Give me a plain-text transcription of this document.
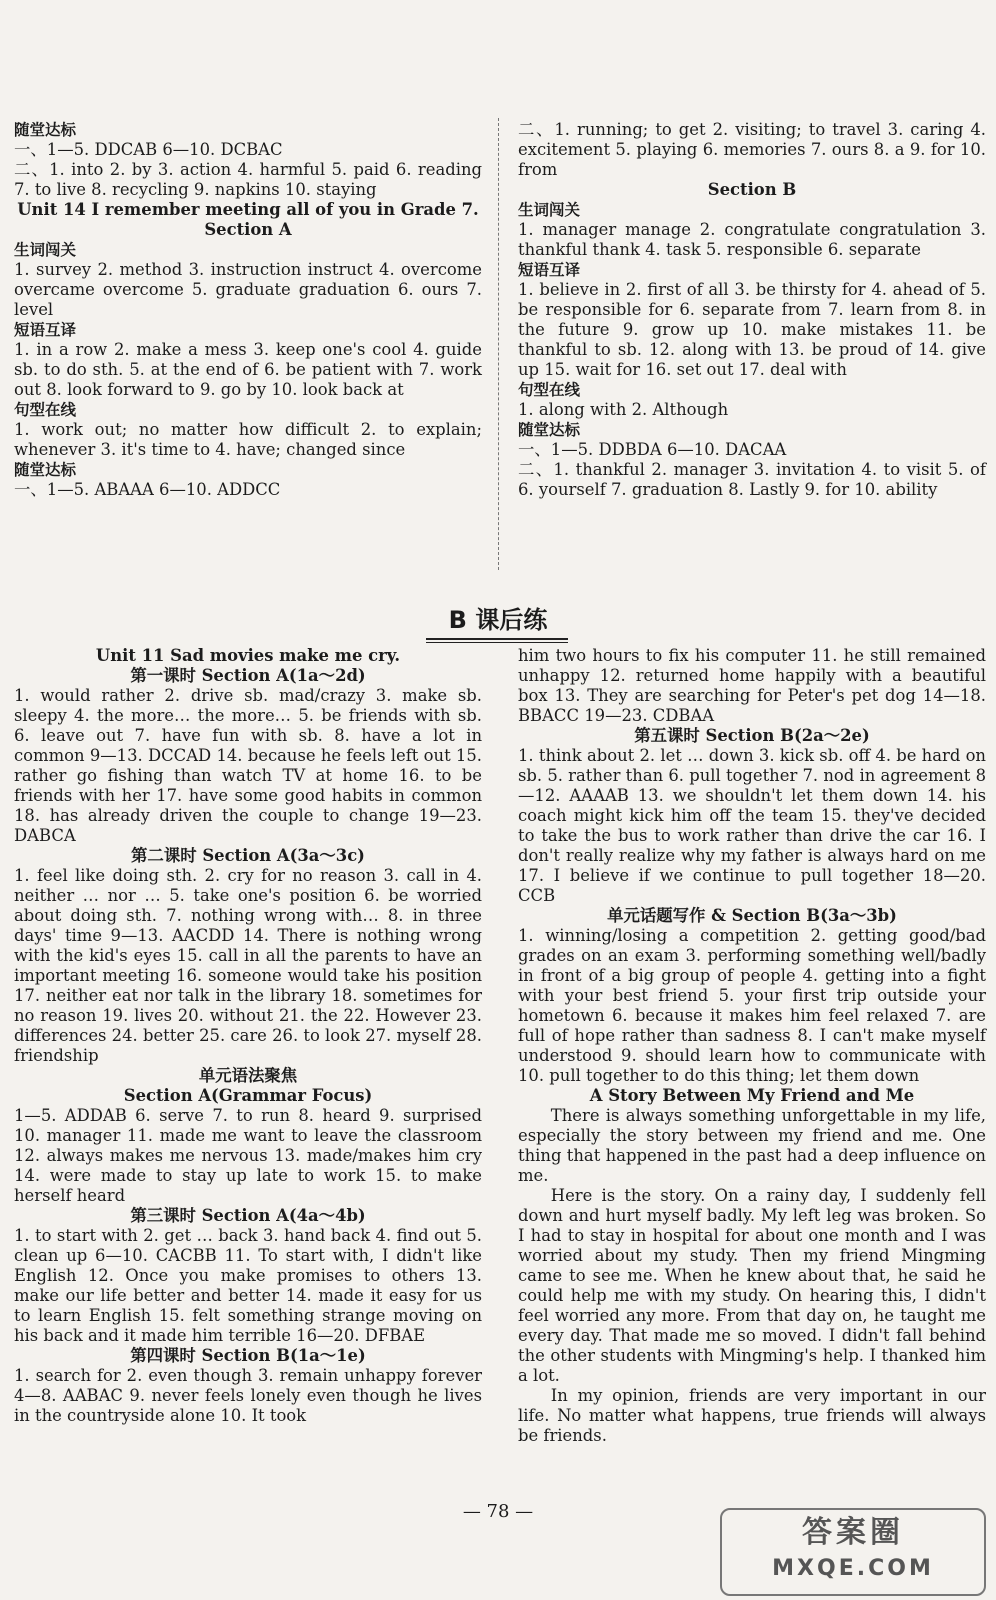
随堂达标

一、1—5. DDCAB 6—10. DCBAC

二、1. into 2. by 3. action 4. harmful 5. paid 6. reading 7. to live 8. recycling 9. napkins 10. staying

Unit 14 I remember meeting all of you in Grade 7.

Section A

生词闯关

1. survey 2. method 3. instruction instruct 4. overcome overcame overcome 5. graduate graduation 6. ours 7. level

短语互译

1. in a row 2. make a mess 3. keep one's cool 4. guide sb. to do sth. 5. at the end of 6. be patient with 7. work out 8. look forward to 9. go by 10. look back at

句型在线

1. work out; no matter how difficult 2. to explain; whenever 3. it's time to 4. have; changed since

随堂达标

一、1—5. ABAAA 6—10. ADDCC

二、1. running; to get 2. visiting; to travel 3. caring 4. excitement 5. playing 6. memories 7. ours 8. a 9. for 10. from

Section B

生词闯关

1. manager manage 2. congratulate congratulation 3. thankful thank 4. task 5. responsible 6. separate

短语互译

1. believe in 2. first of all 3. be thirsty for 4. ahead of 5. be responsible for 6. separate from 7. learn from 8. in the future 9. grow up 10. make mistakes 11. be thankful to sb. 12. along with 13. be proud of 14. give up 15. wait for 16. set out 17. deal with

句型在线

1. along with 2. Although

随堂达标

一、1—5. DDBDA 6—10. DACAA

二、1. thankful 2. manager 3. invitation 4. to visit 5. of 6. yourself 7. graduation 8. Lastly 9. for 10. ability

B 课后练

Unit 11 Sad movies make me cry.

第一课时 Section A(1a～2d)

1. would rather 2. drive sb. mad/crazy 3. make sb. sleepy 4. the more… the more… 5. be friends with sb. 6. leave out 7. have fun with sb. 8. have a lot in common 9—13. DCCAD 14. because he feels left out 15. rather go fishing than watch TV at home 16. to be friends with her 17. have some good habits in common 18. has already driven the couple to change 19—23. DABCA

第二课时 Section A(3a～3c)

1. feel like doing sth. 2. cry for no reason 3. call in 4. neither … nor … 5. take one's position 6. be worried about doing sth. 7. nothing wrong with… 8. in three days' time 9—13. AACDD 14. There is nothing wrong with the kid's eyes 15. call in all the parents to have an important meeting 16. someone would take his position 17. neither eat nor talk in the library 18. sometimes for no reason 19. lives 20. without 21. the 22. However 23. differences 24. better 25. care 26. to look 27. myself 28. friendship

单元语法聚焦

Section A(Grammar Focus)

1—5. ADDAB 6. serve 7. to run 8. heard 9. surprised 10. manager 11. made me want to leave the classroom 12. always makes me nervous 13. made/makes him cry 14. were made to stay up late to work 15. to make herself heard

第三课时 Section A(4a～4b)

1. to start with 2. get … back 3. hand back 4. find out 5. clean up 6—10. CACBB 11. To start with, I didn't like English 12. Once you make promises to others 13. make our life better and better 14. made it easy for us to learn English 15. felt something strange moving on his back and it made him terrible 16—20. DFBAE

第四课时 Section B(1a～1e)

1. search for 2. even though 3. remain unhappy forever 4—8. AABAC 9. never feels lonely even though he lives in the countryside alone 10. It took

him two hours to fix his computer 11. he still remained unhappy 12. returned home happily with a beautiful box 13. They are searching for Peter's pet dog 14—18. BBACC 19—23. CDBAA

第五课时 Section B(2a～2e)

1. think about 2. let … down 3. kick sb. off 4. be hard on sb. 5. rather than 6. pull together 7. nod in agreement 8—12. AAAAB 13. we shouldn't let them down 14. his coach might kick him off the team 15. they've decided to take the bus to work rather than drive the car 16. I don't really realize why my father is always hard on me 17. I believe if we continue to pull together 18—20. CCB

单元话题写作 & Section B(3a～3b)

1. winning/losing a competition 2. getting good/bad grades on an exam 3. performing something well/badly in front of a big group of people 4. getting into a fight with your best friend 5. your first trip outside your hometown 6. because it makes him feel relaxed 7. are full of hope rather than sadness 8. I can't make myself understood 9. should learn how to communicate with 10. pull together to do this thing; let them down

A Story Between My Friend and Me

There is always something unforgettable in my life, especially the story between my friend and me. One thing that happened in the past had a deep influence on me.

Here is the story. On a rainy day, I suddenly fell down and hurt myself badly. My left leg was broken. So I had to stay in hospital for about one month and I was worried about my study. Then my friend Mingming came to see me. When he knew about that, he said he could help me with my study. On hearing this, I didn't feel worried any more. From that day on, he taught me every day. That made me so moved. I didn't fall behind the other students with Mingming's help. I thanked him a lot.

In my opinion, friends are very important in our life. No matter what happens, true friends will always be friends.

— 78 —
答案圈
MXQE.COM
